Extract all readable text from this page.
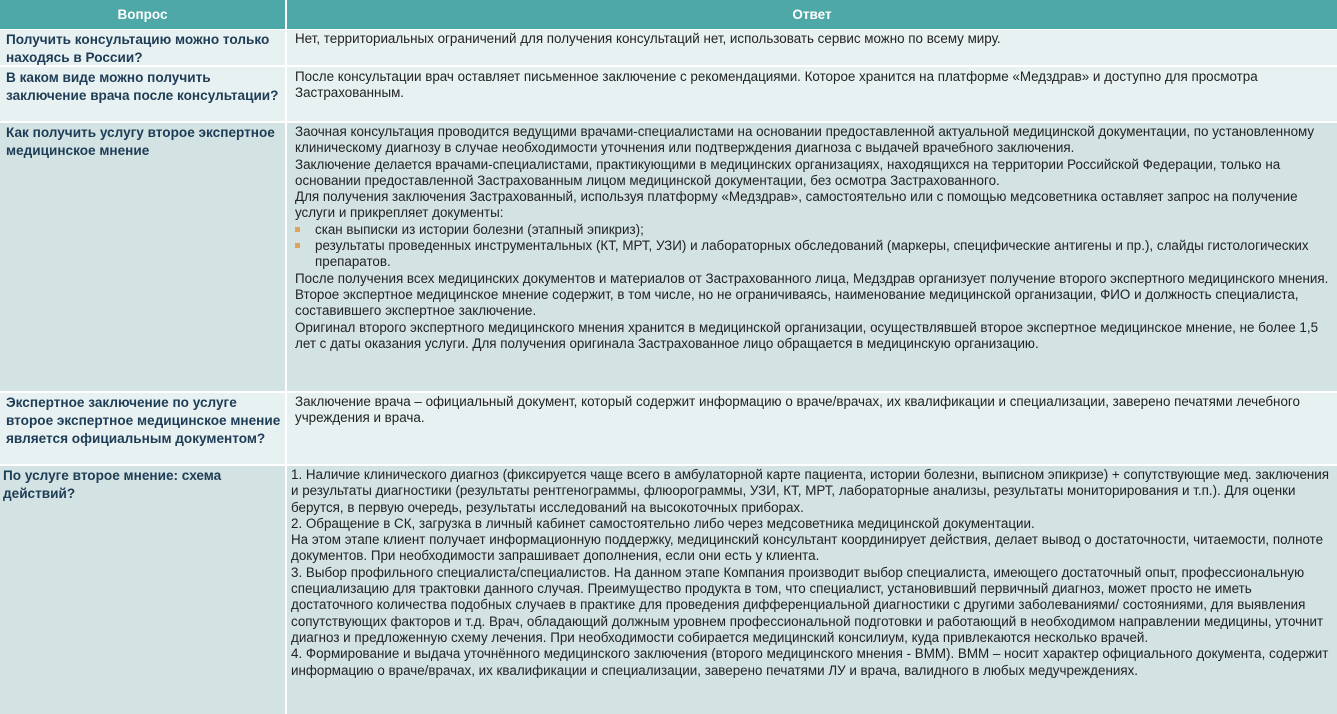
Вопрос	Ответ
Получить консультацию можно только находясь в России?

Нет, территориальных ограничений для получения консультаций нет, использовать сервис можно по всему миру.

В каком виде можно получить заключение врача после консультации?

После консультации врач оставляет письменное заключение с рекомендациями. Которое хранится на платформе «Медздрав» и доступно для просмотра Застрахованным.

Как получить услугу второе экспертное медицинское мнение

Заочная консультация проводится ведущими врачами-специалистами на основании предоставленной актуальной медицинской документации, по установленному клиническому диагнозу в случае необходимости уточнения или подтверждения диагноза с выдачей врачебного заключения.

Заключение делается врачами-специалистами, практикующими в медицинских организациях, находящихся на территории Российской Федерации, только на основании предоставленной Застрахованным лицом медицинской документации, без осмотра Застрахованного.

Для получения заключения Застрахованный, используя платформу «Медздрав», самостоятельно или с помощью медсоветника оставляет запрос на получение услуги и прикрепляет документы:

скан выписки из истории болезни (этапный эпикриз);
результаты проведенных инструментальных (КТ, МРТ, УЗИ) и лабораторных обследований (маркеры, специфические антигены и пр.), слайды гистологических препаратов.

После получения всех медицинских документов и материалов от Застрахованного лица, Медздрав организует получение второго экспертного медицинского мнения.

Второе экспертное медицинское мнение содержит, в том числе, но не ограничиваясь, наименование медицинской организации, ФИО и должность специалиста, составившего экспертное заключение.

Оригинал второго экспертного медицинского мнения хранится в медицинской организации, осуществлявшей второе экспертное медицинское мнение, не более 1,5 лет с даты оказания услуги. Для получения оригинала Застрахованное лицо обращается в медицинскую организацию.

Экспертное заключение по услуге второе экспертное медицинское мнение является официальным документом?

Заключение врача – официальный документ, который содержит информацию о враче/врачах, их квалификации и специализации, заверено печатями лечебного учреждения и врача.

По услуге второе мнение: схема действий?

1. Наличие клинического диагноз (фиксируется чаще всего в амбулаторной карте пациента, истории болезни, выписном эпикризе) + сопутствующие мед. заключения и результаты диагностики (результаты рентгенограммы, флюорограммы, УЗИ, КТ, МРТ, лабораторные анализы, результаты мониторирования и т.п.). Для оценки берутся, в первую очередь, результаты исследований на высокоточных приборах.

2. Обращение в СК, загрузка в личный кабинет самостоятельно либо через медсоветника медицинской документации.

На этом этапе клиент получает информационную поддержку, медицинский консультант координирует действия, делает вывод о достаточности, читаемости, полноте документов. При необходимости запрашивает дополнения, если они есть у клиента.

3. Выбор профильного специалиста/специалистов. На данном этапе Компания производит выбор специалиста, имеющего достаточный опыт, профессиональную специализацию для трактовки данного случая. Преимущество продукта в том, что специалист, установивший первичный диагноз, может просто не иметь достаточного количества подобных случаев в практике для проведения дифференциальной диагностики с другими заболеваниями/ состояниями, для выявления сопутствующих факторов и т.д. Врач, обладающий должным уровнем профессиональной подготовки и работающий в необходимом направлении медицины, уточнит диагноз и предложенную схему лечения. При необходимости собирается медицинский консилиум, куда привлекаются несколько врачей.

4. Формирование и выдача уточнённого медицинского заключения (второго медицинского мнения - ВММ). ВММ – носит характер официального документа, содержит информацию о враче/врачах, их квалификации и специализации, заверено печатями ЛУ и врача, валидного в любых медучреждениях.
